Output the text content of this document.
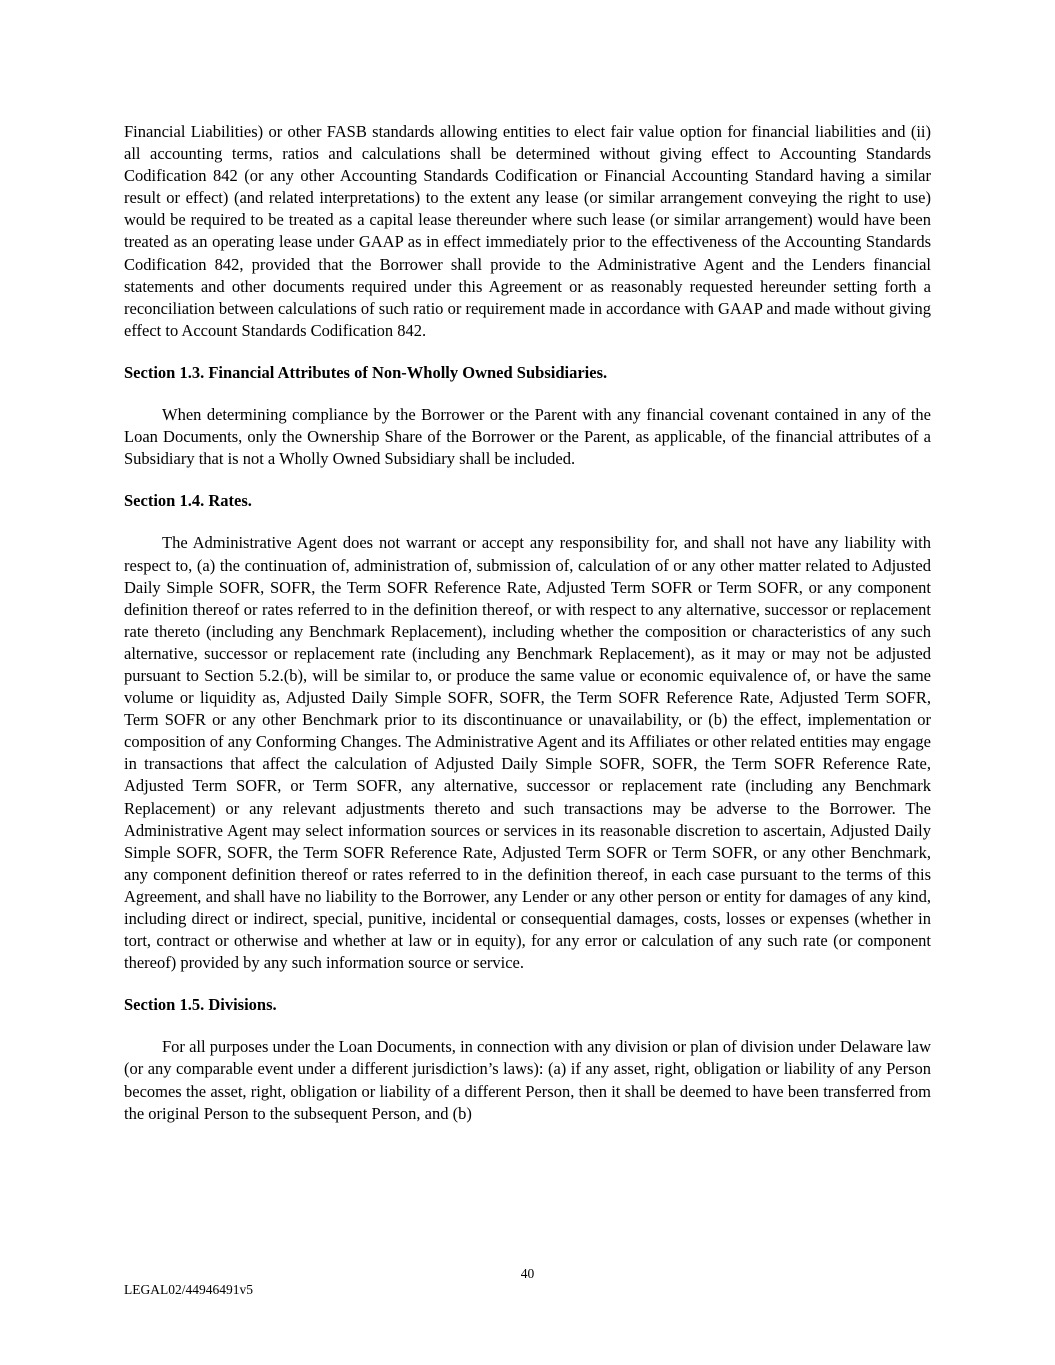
Financial Liabilities) or other FASB standards allowing entities to elect fair value option for financial liabilities and (ii) all accounting terms, ratios and calculations shall be determined without giving effect to Accounting Standards Codification 842 (or any other Accounting Standards Codification or Financial Accounting Standard having a similar result or effect) (and related interpretations) to the extent any lease (or similar arrangement conveying the right to use) would be required to be treated as a capital lease thereunder where such lease (or similar arrangement) would have been treated as an operating lease under GAAP as in effect immediately prior to the effectiveness of the Accounting Standards Codification 842, provided that the Borrower shall provide to the Administrative Agent and the Lenders financial statements and other documents required under this Agreement or as reasonably requested hereunder setting forth a reconciliation between calculations of such ratio or requirement made in accordance with GAAP and made without giving effect to Account Standards Codification 842.

Section 1.3. Financial Attributes of Non-Wholly Owned Subsidiaries.

When determining compliance by the Borrower or the Parent with any financial covenant contained in any of the Loan Documents, only the Ownership Share of the Borrower or the Parent, as applicable, of the financial attributes of a Subsidiary that is not a Wholly Owned Subsidiary shall be included.

Section 1.4. Rates.

The Administrative Agent does not warrant or accept any responsibility for, and shall not have any liability with respect to, (a) the continuation of, administration of, submission of, calculation of or any other matter related to Adjusted Daily Simple SOFR, SOFR, the Term SOFR Reference Rate, Adjusted Term SOFR or Term SOFR, or any component definition thereof or rates referred to in the definition thereof, or with respect to any alternative, successor or replacement rate thereto (including any Benchmark Replacement), including whether the composition or characteristics of any such alternative, successor or replacement rate (including any Benchmark Replacement), as it may or may not be adjusted pursuant to Section 5.2.(b), will be similar to, or produce the same value or economic equivalence of, or have the same volume or liquidity as, Adjusted Daily Simple SOFR, SOFR, the Term SOFR Reference Rate, Adjusted Term SOFR, Term SOFR or any other Benchmark prior to its discontinuance or unavailability, or (b) the effect, implementation or composition of any Conforming Changes. The Administrative Agent and its Affiliates or other related entities may engage in transactions that affect the calculation of Adjusted Daily Simple SOFR, SOFR, the Term SOFR Reference Rate, Adjusted Term SOFR, or Term SOFR, any alternative, successor or replacement rate (including any Benchmark Replacement) or any relevant adjustments thereto and such transactions may be adverse to the Borrower. The Administrative Agent may select information sources or services in its reasonable discretion to ascertain, Adjusted Daily Simple SOFR, SOFR, the Term SOFR Reference Rate, Adjusted Term SOFR or Term SOFR, or any other Benchmark, any component definition thereof or rates referred to in the definition thereof, in each case pursuant to the terms of this Agreement, and shall have no liability to the Borrower, any Lender or any other person or entity for damages of any kind, including direct or indirect, special, punitive, incidental or consequential damages, costs, losses or expenses (whether in tort, contract or otherwise and whether at law or in equity), for any error or calculation of any such rate (or component thereof) provided by any such information source or service.

Section 1.5. Divisions.

For all purposes under the Loan Documents, in connection with any division or plan of division under Delaware law (or any comparable event under a different jurisdiction’s laws): (a) if any asset, right, obligation or liability of any Person becomes the asset, right, obligation or liability of a different Person, then it shall be deemed to have been transferred from the original Person to the subsequent Person, and (b)

40
LEGAL02/44946491v5
